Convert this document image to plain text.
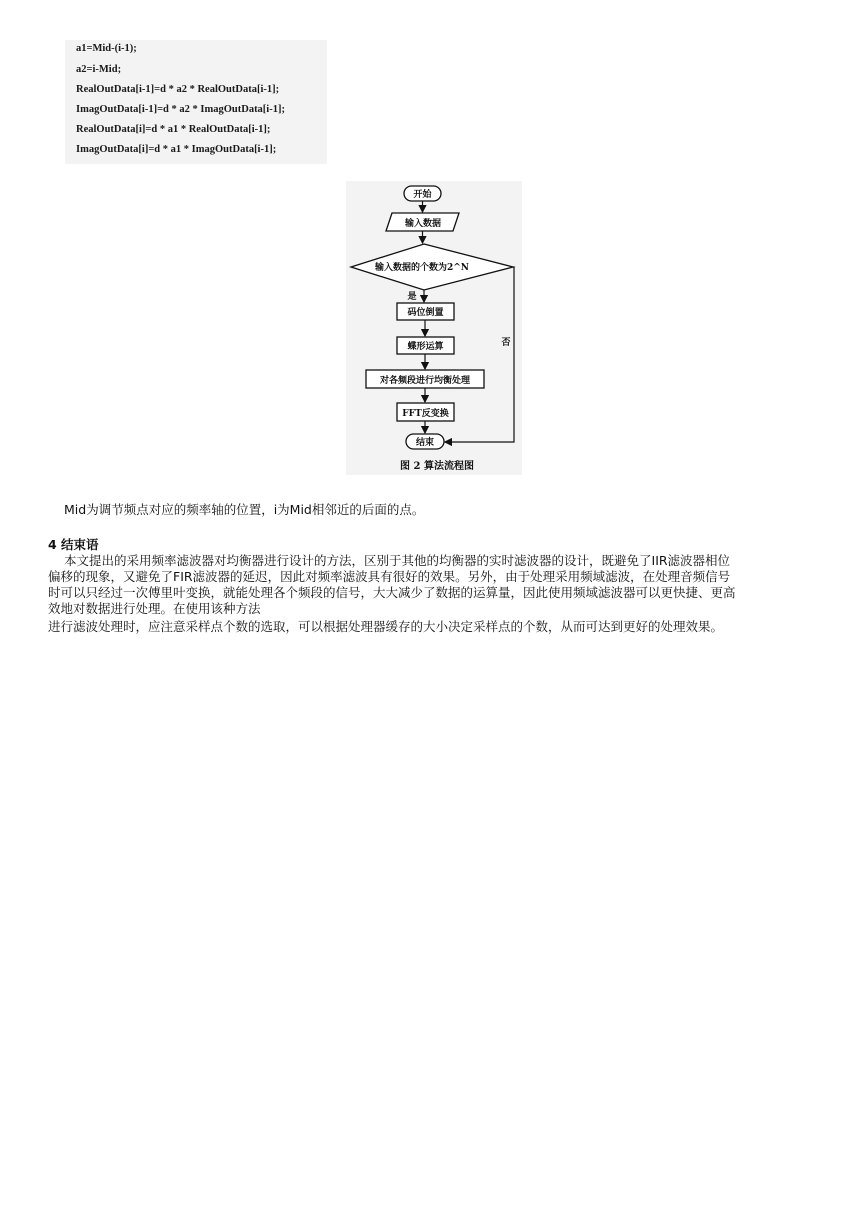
a1=Mid-(i-1);
a2=i-Mid;
RealOutData[i-1]=d * a2 * RealOutData[i-1];
ImagOutData[i-1]=d * a2 * ImagOutData[i-1];
RealOutData[i]=d * a1 * RealOutData[i-1];
ImagOutData[i]=d * a1 * ImagOutData[i-1];
开始
输入数据
输入数据的个数为2^N
是
码位倒置
蝶形运算
对各频段进行均衡处理
FFT反变换
结束
否
图 2 算法流程图
Mid为调节频点对应的频率轴的位置，i为Mid相邻近的后面的点。
4 结束语
本文提出的采用频率滤波器对均衡器进行设计的方法，区别于其他的均衡器的实时滤波器的设计，既避免了IIR滤波器相位
偏移的现象，又避免了FIR滤波器的延迟，因此对频率滤波具有很好的效果。另外，由于处理采用频域滤波，在处理音频信号
时可以只经过一次傅里叶变换，就能处理各个频段的信号，大大减少了数据的运算量，因此使用频域滤波器可以更快捷、更高
效地对数据进行处理。在使用该种方法
进行滤波处理时，应注意采样点个数的选取，可以根据处理器缓存的大小决定采样点的个数，从而可达到更好的处理效果。
